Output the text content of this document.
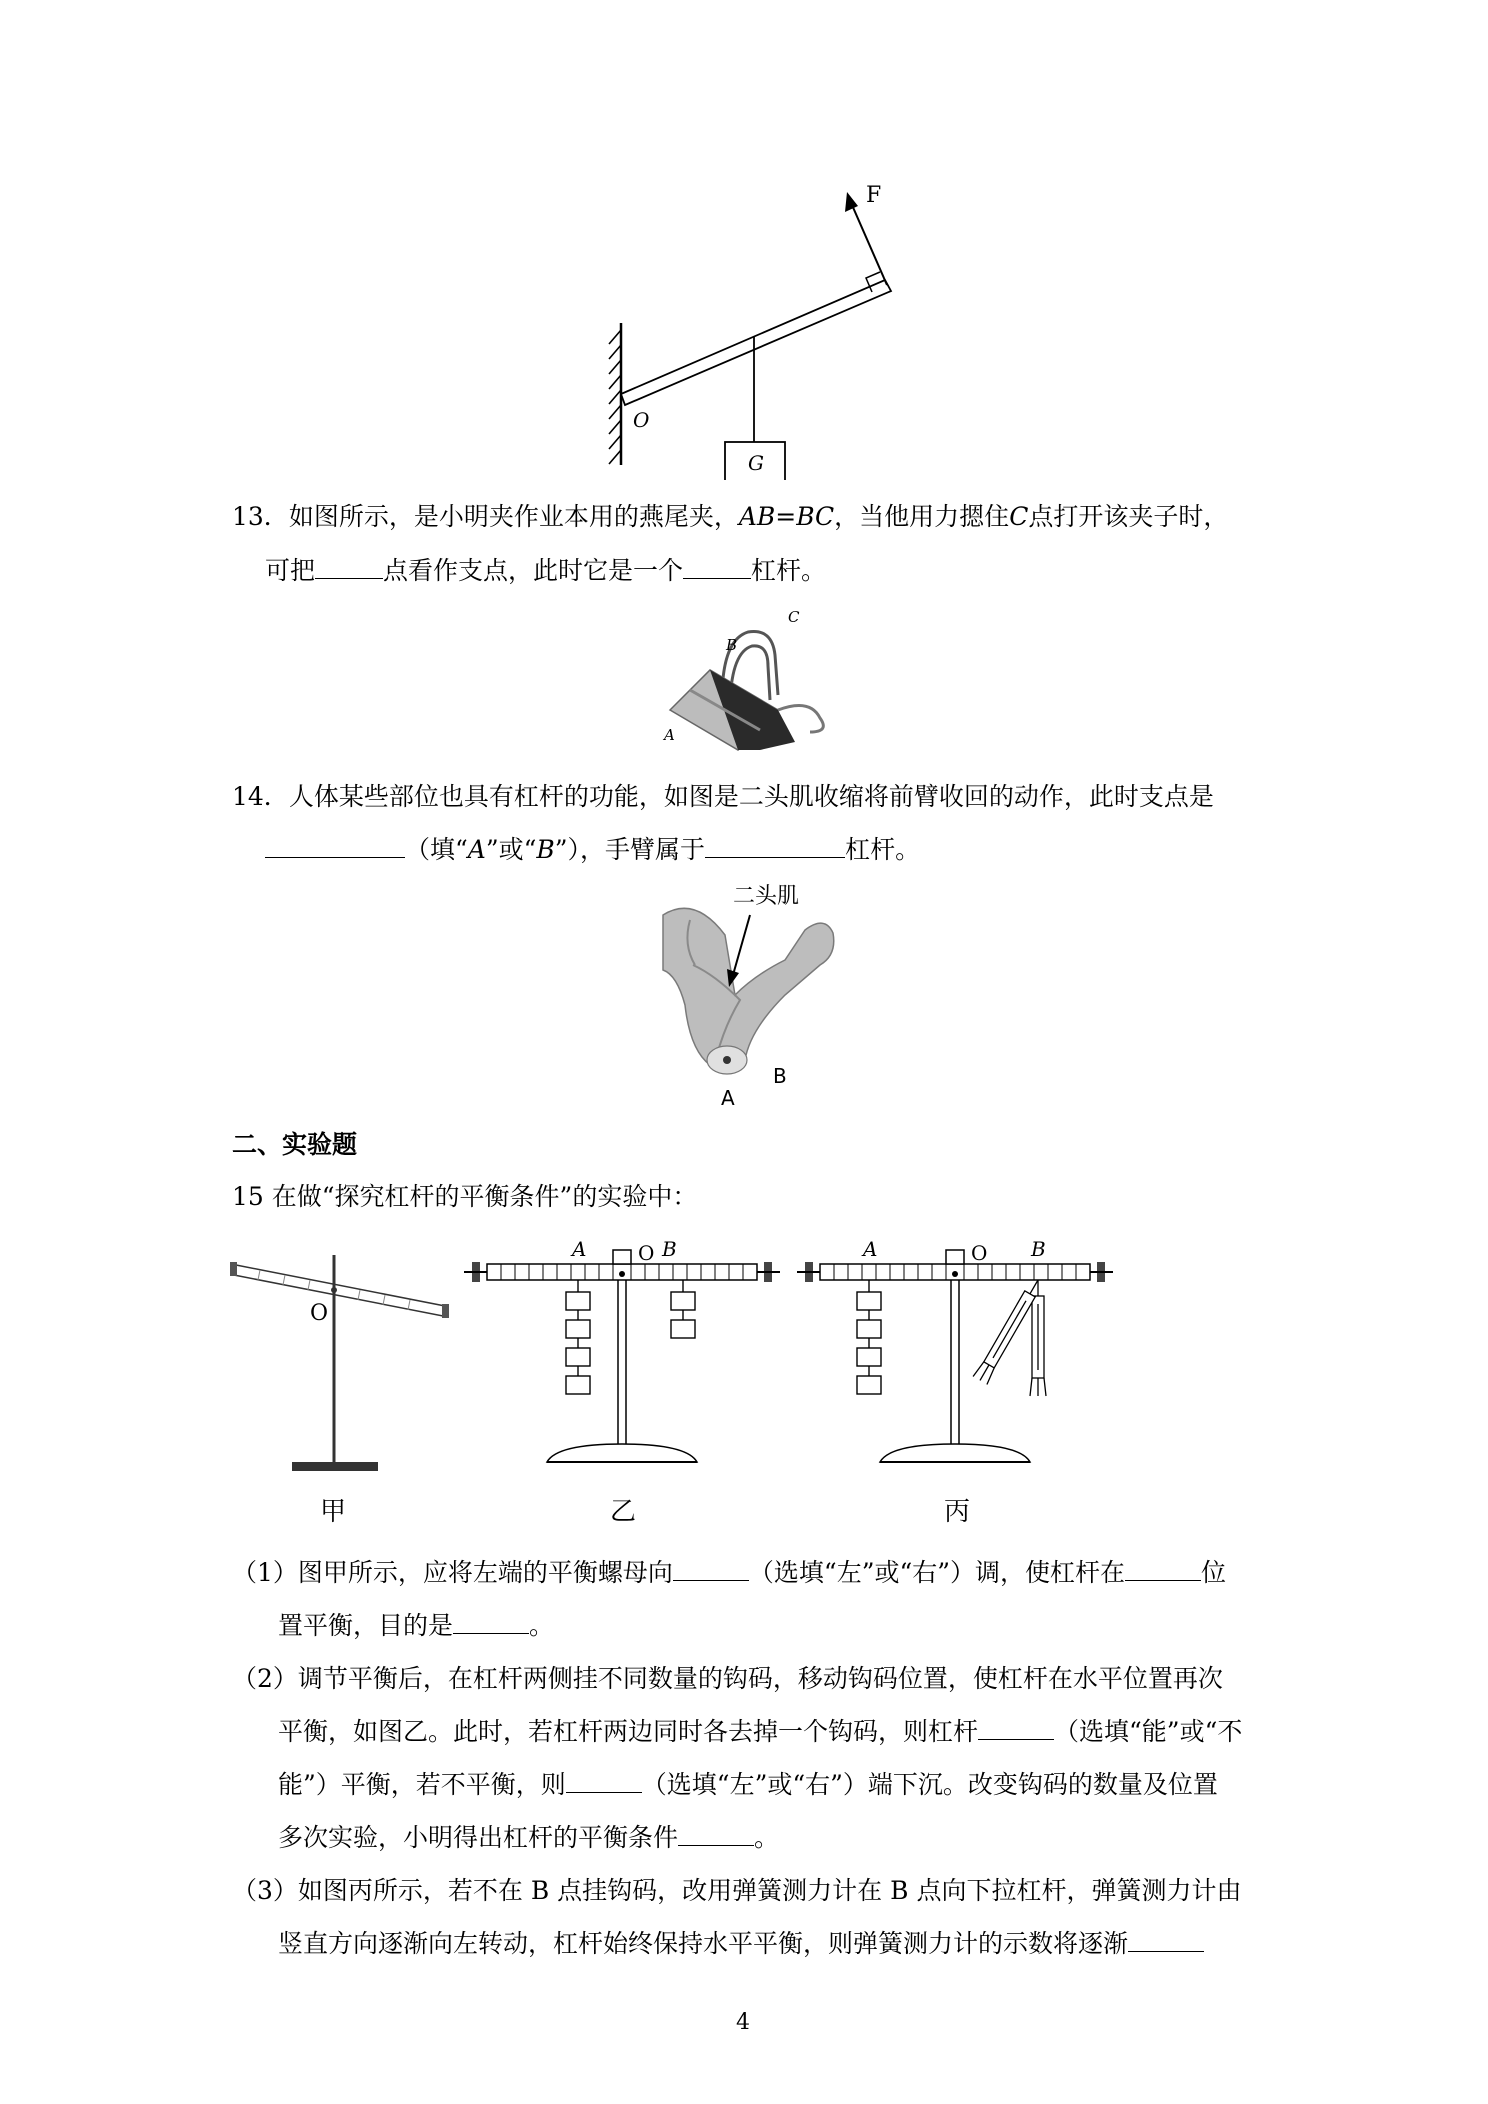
F
O
G
13．如图所示，是小明夹作业本用的燕尾夹，AB=BC，当他用力摁住C点打开该夹子时，
可把	点看作支点，此时它是一个	杠杆。
A
B
C
14．人体某些部位也具有杠杆的功能，如图是二头肌收缩将前臂收回的动作，此时支点是
（填“A”或“B”），手臂属于	杠杆。
二头肌
A
B
二、实验题
15 在做“探究杠杆的平衡条件”的实验中：
O
甲
A	O B
乙
A	O B
丙
（1）图甲所示，应将左端的平衡螺母向	（选填“左”或“右”）调，使杠杆在	位
置平衡，目的是	。
（2）调节平衡后，在杠杆两侧挂不同数量的钩码，移动钩码位置，使杠杆在水平位置再次
平衡，如图乙。此时，若杠杆两边同时各去掉一个钩码，则杠杆	（选填“能”或“不
能”）平衡，若不平衡，则	（选填“左”或“右”）端下沉。改变钩码的数量及位置
多次实验，小明得出杠杆的平衡条件	。
（3）如图丙所示，若不在 B 点挂钩码，改用弹簧测力计在 B 点向下拉杠杆，弹簧测力计由
竖直方向逐渐向左转动，杠杆始终保持水平平衡，则弹簧测力计的示数将逐渐
4
